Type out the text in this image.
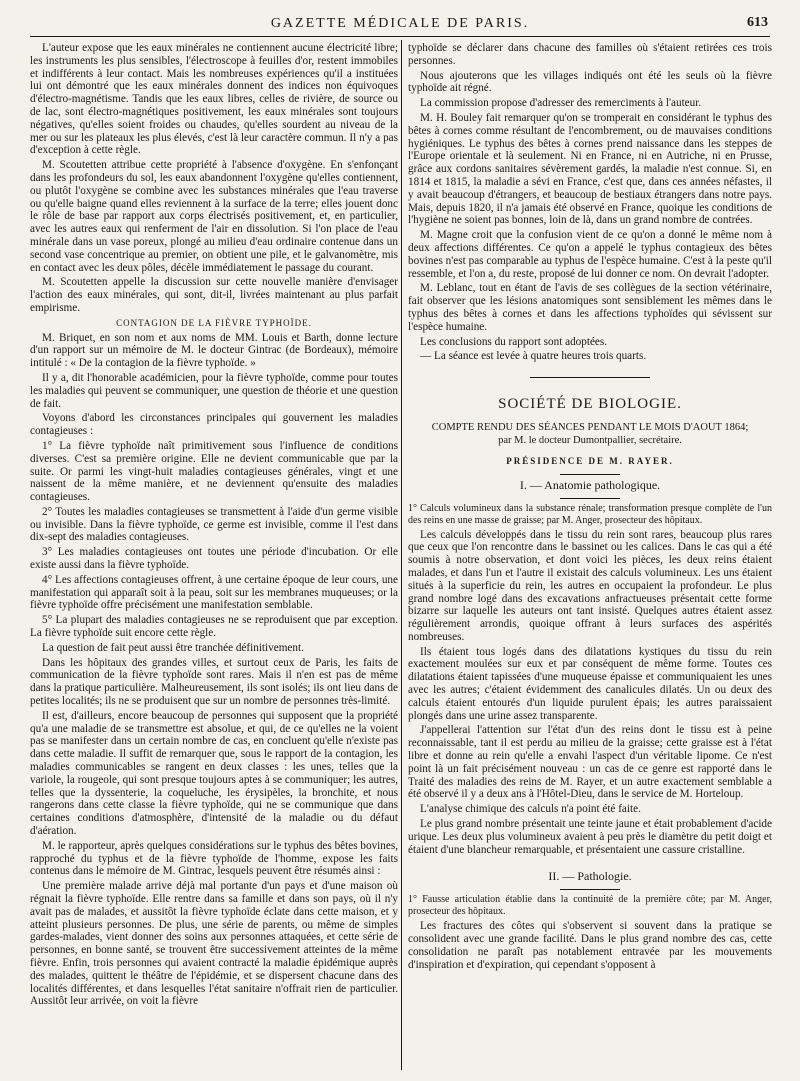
GAZETTE MÉDICALE DE PARIS.	613

L'auteur expose que les eaux minérales ne contiennent aucune électricité libre; les instruments les plus sensibles, l'électroscope à feuilles d'or, restent immobiles et indifférents à leur contact. Mais les nombreuses expériences qu'il a instituées lui ont démontré que les eaux minérales donnent des indices non équivoques d'électro-magnétisme. Tandis que les eaux libres, celles de rivière, de source ou de lac, sont électro-magnétiques positivement, les eaux minérales sont toujours négatives, qu'elles soient froides ou chaudes, qu'elles sourdent au niveau de la mer ou sur les plateaux les plus élevés, c'est là leur caractère commun. Il n'y a pas d'exception à cette règle.

M. Scoutetten attribue cette propriété à l'absence d'oxygène. En s'enfonçant dans les profondeurs du sol, les eaux abandonnent l'oxygène qu'elles contiennent, ou plutôt l'oxygène se combine avec les substances minérales que l'eau traverse ou qu'elle baigne quand elles reviennent à la surface de la terre; elles jouent donc le rôle de base par rapport aux corps électrisés positivement, et, en particulier, avec les autres eaux qui renferment de l'air en dissolution. Si l'on place de l'eau minérale dans un vase poreux, plongé au milieu d'eau ordinaire contenue dans un second vase concentrique au premier, on obtient une pile, et le galvanomètre, mis en contact avec les deux pôles, décèle immédiatement le passage du courant.

M. Scoutetten appelle la discussion sur cette nouvelle manière d'envisager l'action des eaux minérales, qui sont, dit-il, livrées maintenant au plus parfait empirisme.

CONTAGION DE LA FIÈVRE TYPHOÏDE.

M. Briquet, en son nom et aux noms de MM. Louis et Barth, donne lecture d'un rapport sur un mémoire de M. le docteur Gintrac (de Bordeaux), mémoire intitulé : « De la contagion de la fièvre typhoïde. »

Il y a, dit l'honorable académicien, pour la fièvre typhoïde, comme pour toutes les maladies qui peuvent se communiquer, une question de théorie et une question de fait.

Voyons d'abord les circonstances principales qui gouvernent les maladies contagieuses :

1° La fièvre typhoïde naît primitivement sous l'influence de conditions diverses. C'est sa première origine. Elle ne devient communicable que par la suite. Or parmi les vingt-huit maladies contagieuses générales, vingt et une naissent de la même manière, et ne deviennent qu'ensuite des maladies contagieuses.

2° Toutes les maladies contagieuses se transmettent à l'aide d'un germe visible ou invisible. Dans la fièvre typhoïde, ce germe est invisible, comme il l'est dans dix-sept des maladies contagieuses.

3° Les maladies contagieuses ont toutes une période d'incubation. Or elle existe aussi dans la fièvre typhoïde.

4° Les affections contagieuses offrent, à une certaine époque de leur cours, une manifestation qui apparaît soit à la peau, soit sur les membranes muqueuses; or la fièvre typhoïde offre précisément une manifestation semblable.

5° La plupart des maladies contagieuses ne se reproduisent que par exception. La fièvre typhoïde suit encore cette règle.

La question de fait peut aussi être tranchée définitivement.

Dans les hôpitaux des grandes villes, et surtout ceux de Paris, les faits de communication de la fièvre typhoïde sont rares. Mais il n'en est pas de même dans la pratique particulière. Malheureusement, ils sont isolés; ils ont lieu dans de petites localités; ils ne se produisent que sur un nombre de personnes très-limité.

Il est, d'ailleurs, encore beaucoup de personnes qui supposent que la propriété qu'a une maladie de se transmettre est absolue, et qui, de ce qu'elles ne la voient pas se manifester dans un certain nombre de cas, en concluent qu'elle n'existe pas dans cette maladie. Il suffit de remarquer que, sous le rapport de la contagion, les maladies communicables se rangent en deux classes : les unes, telles que la variole, la rougeole, qui sont presque toujours aptes à se communiquer; les autres, telles que la dyssenterie, la coqueluche, les érysipèles, la bronchite, et nous rangerons dans cette classe la fièvre typhoïde, qui ne se communique que dans certaines conditions d'atmosphère, d'intensité de la maladie ou du défaut d'aération.

M. le rapporteur, après quelques considérations sur le typhus des bêtes bovines, rapproché du typhus et de la fièvre typhoïde de l'homme, expose les faits contenus dans le mémoire de M. Gintrac, lesquels peuvent être résumés ainsi :

Une première malade arrive déjà mal portante d'un pays et d'une maison où régnait la fièvre typhoïde. Elle rentre dans sa famille et dans son pays, où il n'y avait pas de malades, et aussitôt la fièvre typhoïde éclate dans cette maison, et y atteint plusieurs personnes. De plus, une série de parents, ou même de simples gardes-malades, vient donner des soins aux personnes attaquées, et cette série de personnes, en bonne santé, se trouvent être successivement atteintes de la même fièvre. Enfin, trois personnes qui avaient contracté la maladie épidémique auprès des malades, quittent le théâtre de l'épidémie, et se dispersent chacune dans des localités différentes, et dans lesquelles l'état sanitaire n'offrait rien de particulier. Aussitôt leur arrivée, on voit la fièvre

typhoïde se déclarer dans chacune des familles où s'étaient retirées ces trois personnes.

Nous ajouterons que les villages indiqués ont été les seuls où la fièvre typhoïde ait régné.

La commission propose d'adresser des remerciments à l'auteur.

M. H. Bouley fait remarquer qu'on se tromperait en considérant le typhus des bêtes à cornes comme résultant de l'encombrement, ou de mauvaises conditions hygiéniques. Le typhus des bêtes à cornes prend naissance dans les steppes de l'Europe orientale et là seulement. Ni en France, ni en Autriche, ni en Prusse, grâce aux cordons sanitaires sévèrement gardés, la maladie n'est connue. Si, en 1814 et 1815, la maladie a sévi en France, c'est que, dans ces années néfastes, il y avait beaucoup d'étrangers, et beaucoup de bestiaux étrangers dans notre pays. Mais, depuis 1820, il n'a jamais été observé en France, quoique les conditions de l'hygiène ne soient pas bonnes, loin de là, dans un grand nombre de contrées.

M. Magne croit que la confusion vient de ce qu'on a donné le même nom à deux affections différentes. Ce qu'on a appelé le typhus contagieux des bêtes bovines n'est pas comparable au typhus de l'espèce humaine. C'est à la peste qu'il ressemble, et l'on a, du reste, proposé de lui donner ce nom. On devrait l'adopter.

M. Leblanc, tout en étant de l'avis de ses collègues de la section vétérinaire, fait observer que les lésions anatomiques sont sensiblement les mêmes dans le typhus des bêtes à cornes et dans les affections typhoïdes qui sévissent sur l'espèce humaine.

Les conclusions du rapport sont adoptées.

— La séance est levée à quatre heures trois quarts.

SOCIÉTÉ DE BIOLOGIE.
COMPTE RENDU DES SÉANCES PENDANT LE MOIS D'AOUT 1864;
par M. le docteur Dumontpallier, secrétaire.
PRÉSIDENCE DE M. RAYER.
I. — Anatomie pathologique.

1° Calculs volumineux dans la substance rénale; transformation presque complète de l'un des reins en une masse de graisse; par M. Anger, prosecteur des hôpitaux.

Les calculs développés dans le tissu du rein sont rares, beaucoup plus rares que ceux que l'on rencontre dans le bassinet ou les calices. Dans le cas qui a été soumis à notre observation, et dont voici les pièces, les deux reins étaient malades, et dans l'un et l'autre il existait des calculs volumineux. Les uns étaient situés à la superficie du rein, les autres en occupaient la profondeur. Le plus grand nombre logé dans des excavations anfractueuses présentait cette forme bizarre sur laquelle les auteurs ont tant insisté. Quelques autres étaient assez régulièrement arrondis, quoique offrant à leurs surfaces des aspérités nombreuses.

Ils étaient tous logés dans des dilatations kystiques du tissu du rein exactement moulées sur eux et par conséquent de même forme. Toutes ces dilatations étaient tapissées d'une muqueuse épaisse et communiquaient les unes avec les autres; c'étaient évidemment des canalicules dilatés. Un ou deux des calculs étaient entourés d'un liquide purulent épais; les autres paraissaient plongés dans une urine assez transparente.

J'appellerai l'attention sur l'état d'un des reins dont le tissu est à peine reconnaissable, tant il est perdu au milieu de la graisse; cette graisse est à l'état libre et donne au rein qu'elle a envahi l'aspect d'un véritable lipome. Ce n'est point là un fait précisément nouveau : un cas de ce genre est rapporté dans le Traité des maladies des reins de M. Rayer, et un autre exactement semblable a été observé il y a deux ans à l'Hôtel-Dieu, dans le service de M. Horteloup.

L'analyse chimique des calculs n'a point été faite.

Le plus grand nombre présentait une teinte jaune et était probablement d'acide urique. Les deux plus volumineux avaient à peu près le diamètre du petit doigt et étaient d'une blancheur remarquable, et présentaient une cassure cristalline.

II. — Pathologie.

1° Fausse articulation établie dans la continuité de la première côte; par M. Anger, prosecteur des hôpitaux.

Les fractures des côtes qui s'observent si souvent dans la pratique se consolident avec une grande facilité. Dans le plus grand nombre des cas, cette consolidation ne paraît pas notablement entravée par les mouvements d'inspiration et d'expiration, qui cependant s'opposent à
